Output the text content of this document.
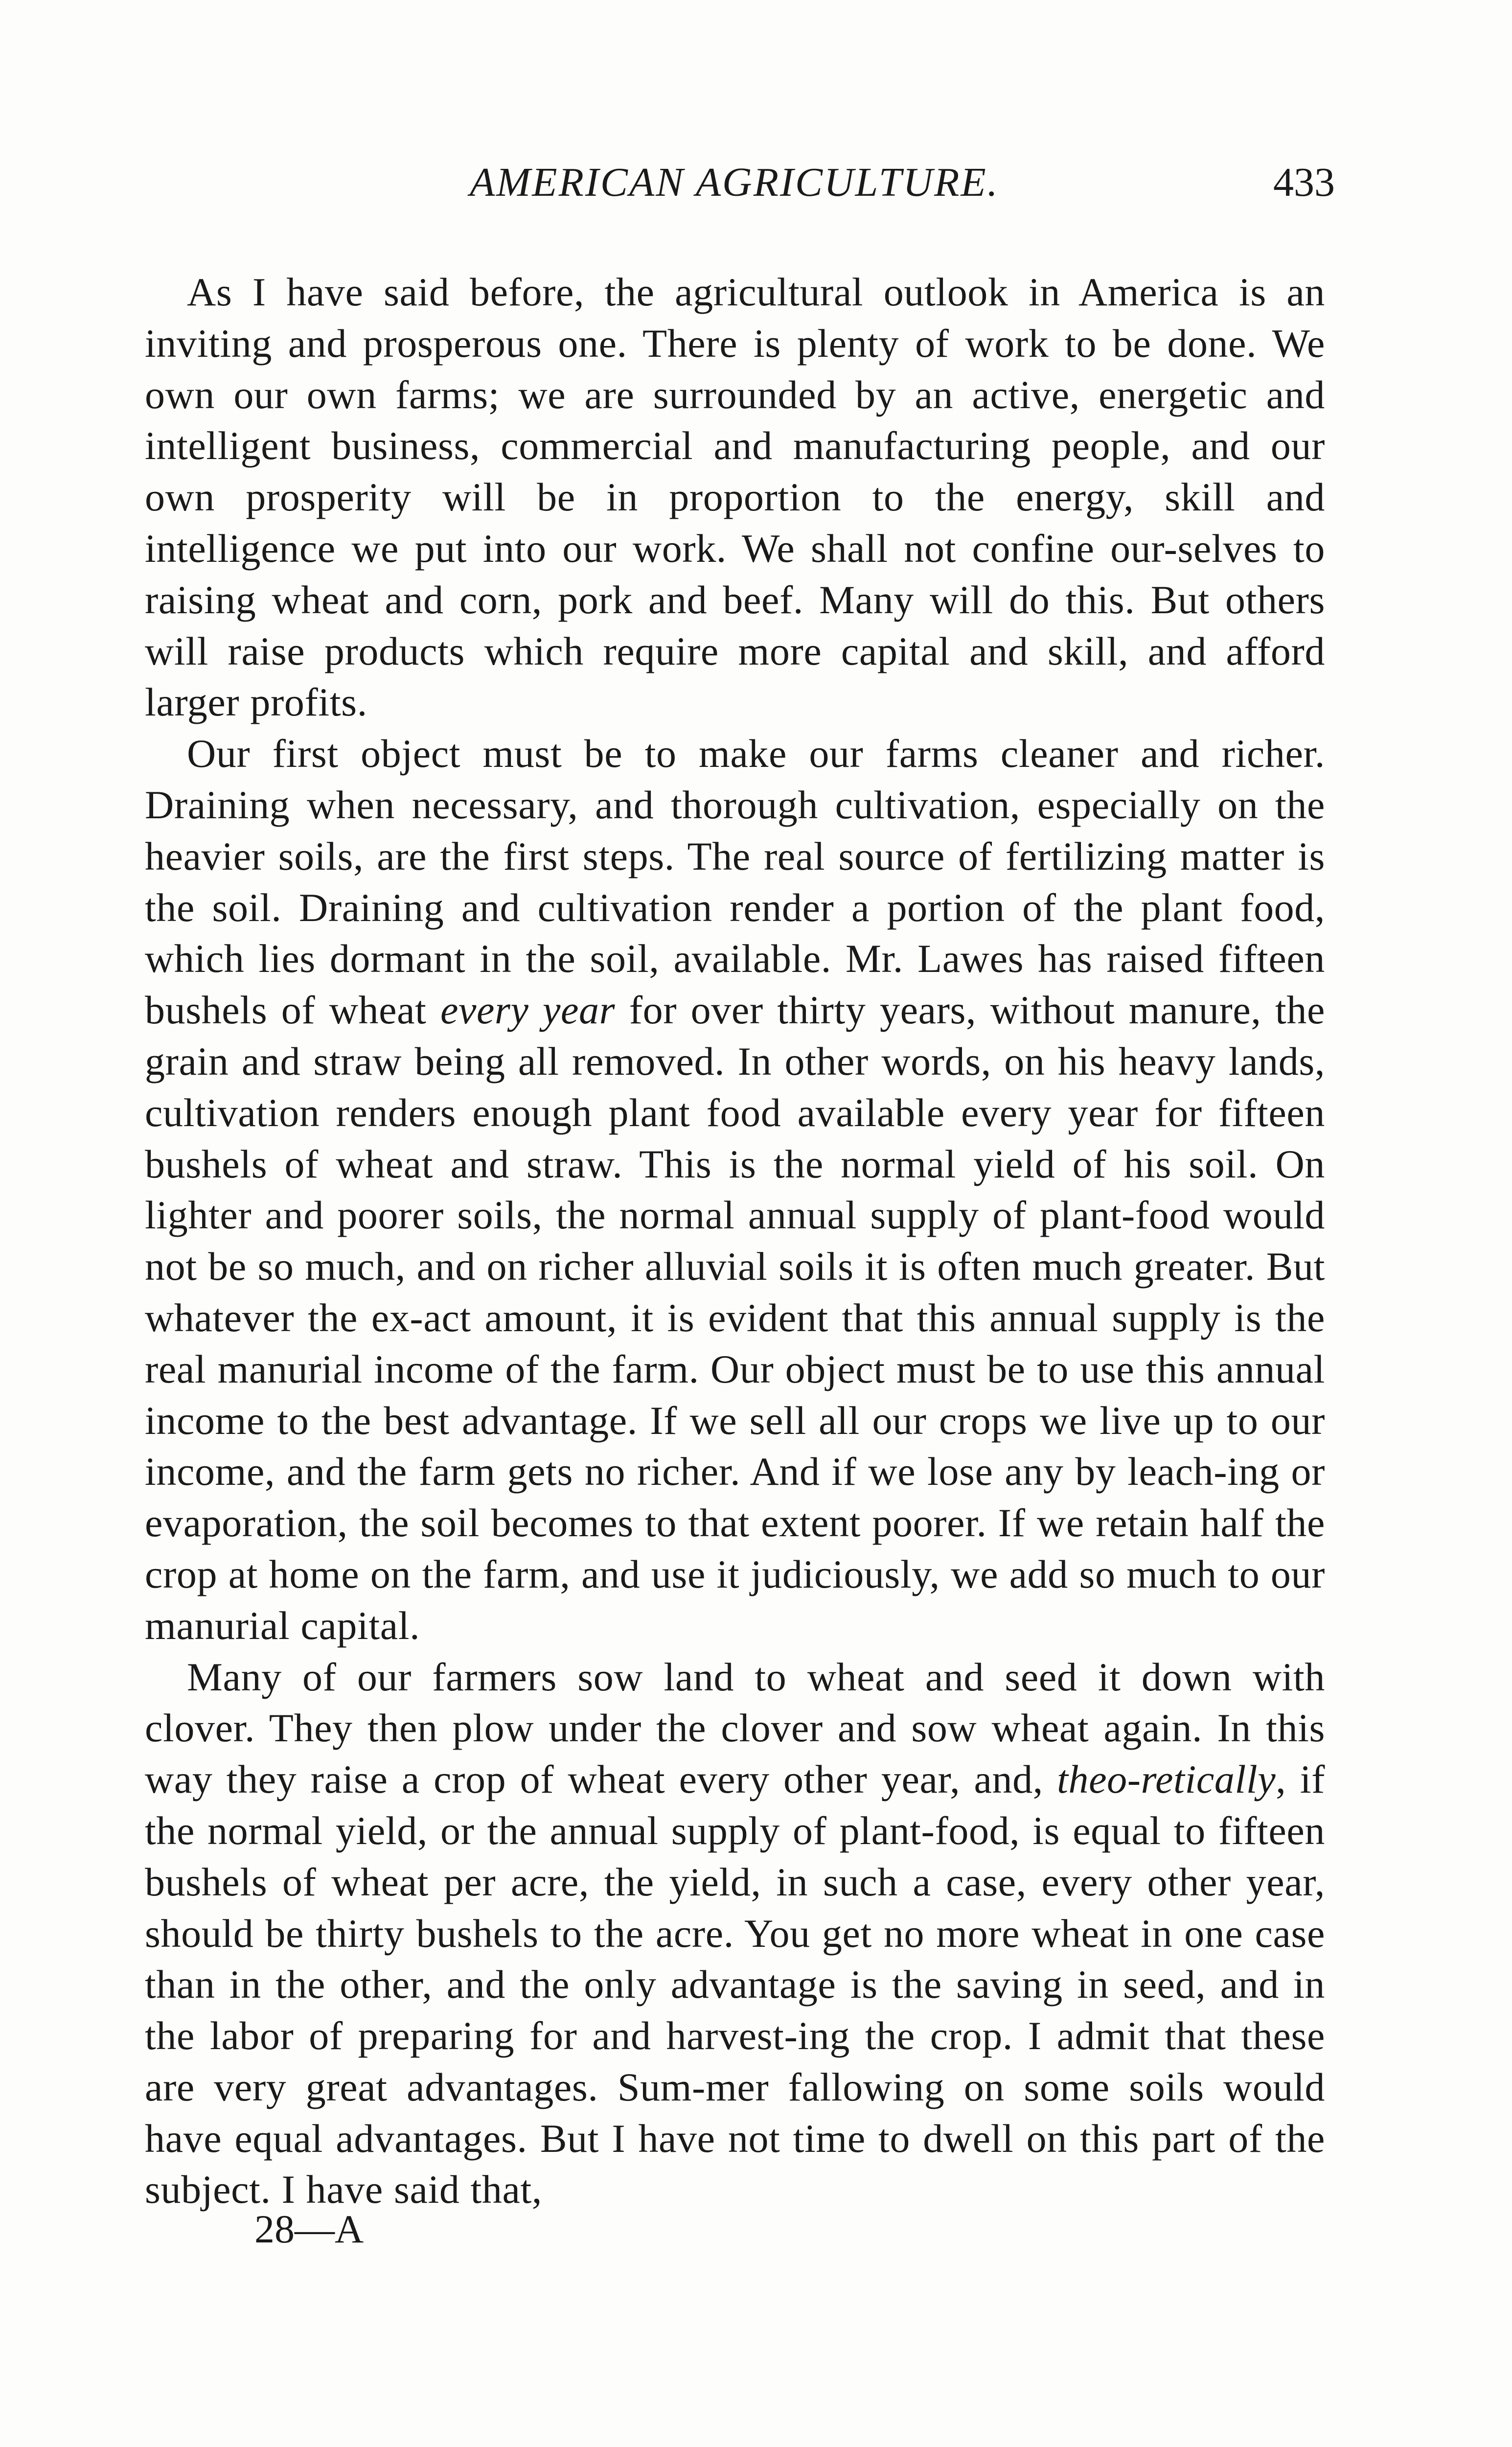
AMERICAN AGRICULTURE.	433

As I have said before, the agricultural outlook in America is an inviting and prosperous one. There is plenty of work to be done. We own our own farms; we are surrounded by an active, energetic and intelligent business, commercial and manufacturing people, and our own prosperity will be in proportion to the energy, skill and intelligence we put into our work. We shall not confine our-selves to raising wheat and corn, pork and beef. Many will do this. But others will raise products which require more capital and skill, and afford larger profits.

Our first object must be to make our farms cleaner and richer. Draining when necessary, and thorough cultivation, especially on the heavier soils, are the first steps. The real source of fertilizing matter is the soil. Draining and cultivation render a portion of the plant food, which lies dormant in the soil, available. Mr. Lawes has raised fifteen bushels of wheat every year for over thirty years, without manure, the grain and straw being all removed. In other words, on his heavy lands, cultivation renders enough plant food available every year for fifteen bushels of wheat and straw. This is the normal yield of his soil. On lighter and poorer soils, the normal annual supply of plant-food would not be so much, and on richer alluvial soils it is often much greater. But whatever the ex-act amount, it is evident that this annual supply is the real manurial income of the farm. Our object must be to use this annual income to the best advantage. If we sell all our crops we live up to our income, and the farm gets no richer. And if we lose any by leach-ing or evaporation, the soil becomes to that extent poorer. If we retain half the crop at home on the farm, and use it judiciously, we add so much to our manurial capital.

Many of our farmers sow land to wheat and seed it down with clover. They then plow under the clover and sow wheat again. In this way they raise a crop of wheat every other year, and, theo-retically, if the normal yield, or the annual supply of plant-food, is equal to fifteen bushels of wheat per acre, the yield, in such a case, every other year, should be thirty bushels to the acre. You get no more wheat in one case than in the other, and the only advantage is the saving in seed, and in the labor of preparing for and harvest-ing the crop. I admit that these are very great advantages. Sum-mer fallowing on some soils would have equal advantages. But I have not time to dwell on this part of the subject. I have said that,

28—A
